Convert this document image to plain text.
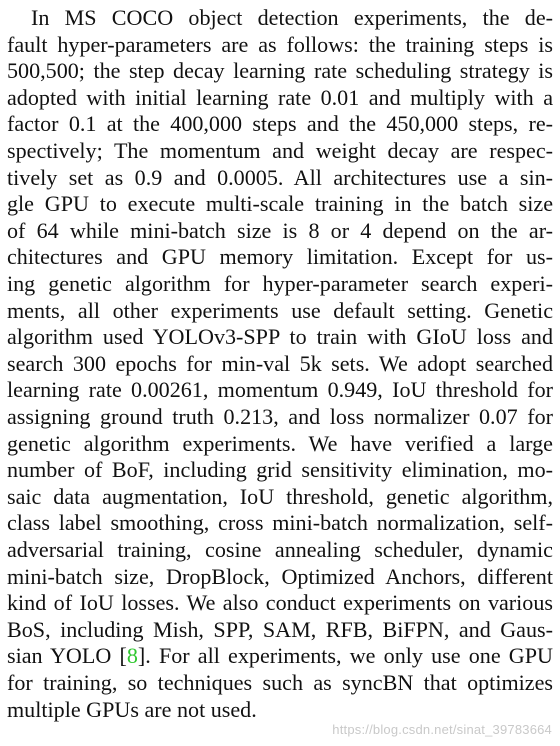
In MS COCO object detection experiments, the de-
fault hyper-parameters are as follows: the training steps is
500,500; the step decay learning rate scheduling strategy is
adopted with initial learning rate 0.01 and multiply with a
factor 0.1 at the 400,000 steps and the 450,000 steps, re-
spectively; The momentum and weight decay are respec-
tively set as 0.9 and 0.0005. All architectures use a sin-
gle GPU to execute multi-scale training in the batch size
of 64 while mini-batch size is 8 or 4 depend on the ar-
chitectures and GPU memory limitation. Except for us-
ing genetic algorithm for hyper-parameter search experi-
ments, all other experiments use default setting. Genetic
algorithm used YOLOv3-SPP to train with GIoU loss and
search 300 epochs for min-val 5k sets. We adopt searched
learning rate 0.00261, momentum 0.949, IoU threshold for
assigning ground truth 0.213, and loss normalizer 0.07 for
genetic algorithm experiments. We have verified a large
number of BoF, including grid sensitivity elimination, mo-
saic data augmentation, IoU threshold, genetic algorithm,
class label smoothing, cross mini-batch normalization, self-
adversarial training, cosine annealing scheduler, dynamic
mini-batch size, DropBlock, Optimized Anchors, different
kind of IoU losses. We also conduct experiments on various
BoS, including Mish, SPP, SAM, RFB, BiFPN, and Gaus-
sian YOLO [8]. For all experiments, we only use one GPU
for training, so techniques such as syncBN that optimizes
multiple GPUs are not used.
https://blog.csdn.net/sinat_39783664
